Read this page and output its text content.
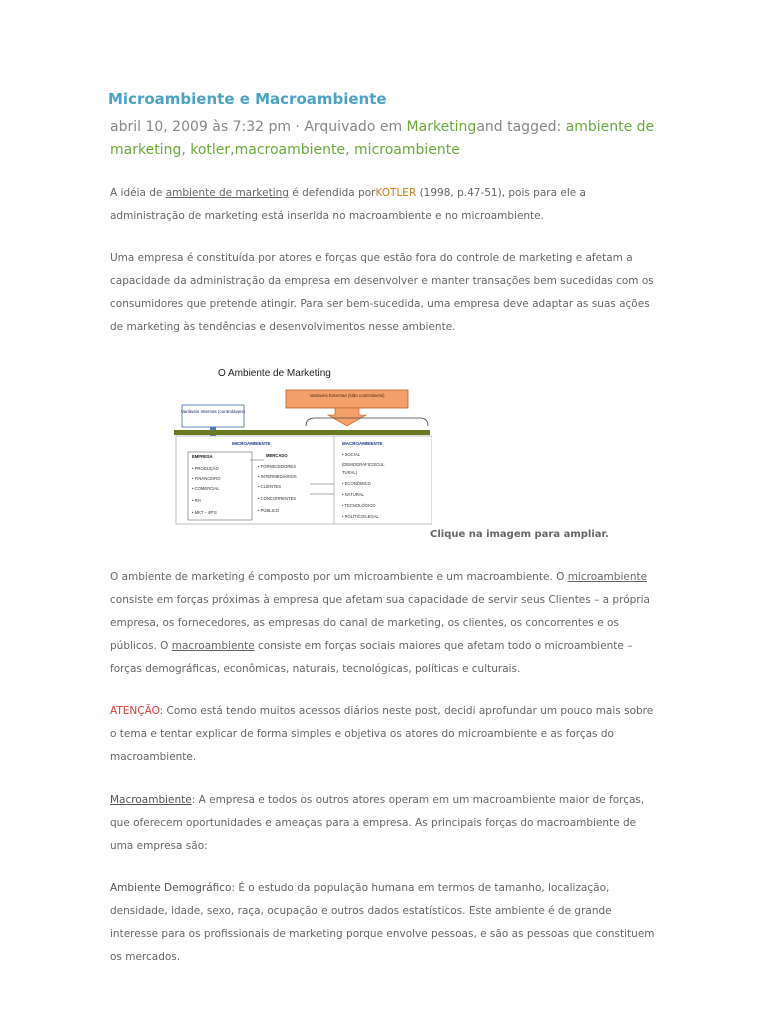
Microambiente e Macroambiente
abril 10, 2009 às 7:32 pm · Arquivado em Marketingand tagged: ambiente de marketing, kotler,macroambiente, microambiente

A idéia de ambiente de marketing é defendida porKOTLER (1998, p.47-51), pois para ele a administração de marketing está inserida no macroambiente e no microambiente.

Uma empresa é constituída por atores e forças que estão fora do controle de marketing e afetam a capacidade da administração da empresa em desenvolver e manter transações bem sucedidas com os consumidores que pretende atingir. Para ser bem-sucedida, uma empresa deve adaptar as suas ações de marketing às tendências e desenvolvimentos nesse ambiente.

O Ambiente de Marketing
Variáveis Externas (Não controláveis)
Variáveis Internas (controláveis)
MICROAMBIENTE	MACROAMBIENTE
EMPRESA
• PRODUÇÃO
• FINANCEIRO
• COMERCIAL
• RH
• MKT – 4P'S
MERCADO
• FORNECEDORES
• INTERMEDIÁRIOS
• CLIENTES
• CONCORRENTES
• PÚBLICO
• SOCIAL
(DEMOGRÁFICO/CUL
TURAL)
• ECONÔMICO
• NATURAL
• TECNOLÓGICO
• POLÍTICO/LEGAL
Clique na imagem para ampliar.

O ambiente de marketing é composto por um microambiente e um macroambiente. O microambiente consiste em forças próximas à empresa que afetam sua capacidade de servir seus Clientes – a própria empresa, os fornecedores, as empresas do canal de marketing, os clientes, os concorrentes e os públicos. O macroambiente consiste em forças sociais maiores que afetam todo o microambiente – forças demográficas, econômicas, naturais, tecnológicas, políticas e culturais.

ATENÇÃO: Como está tendo muitos acessos diários neste post, decidi aprofundar um pouco mais sobre o tema e tentar explicar de forma simples e objetiva os atores do microambiente e as forças do macroambiente.

Macroambiente: A empresa e todos os outros atores operam em um macroambiente maior de forças, que oferecem oportunidades e ameaças para a empresa. As principais forças do macroambiente de uma empresa são:

Ambiente Demográfico: É o estudo da população humana em termos de tamanho, localização, densidade, idade, sexo, raça, ocupação e outros dados estatísticos. Este ambiente é de grande interesse para os profissionais de marketing porque envolve pessoas, e são as pessoas que constituem os mercados.
